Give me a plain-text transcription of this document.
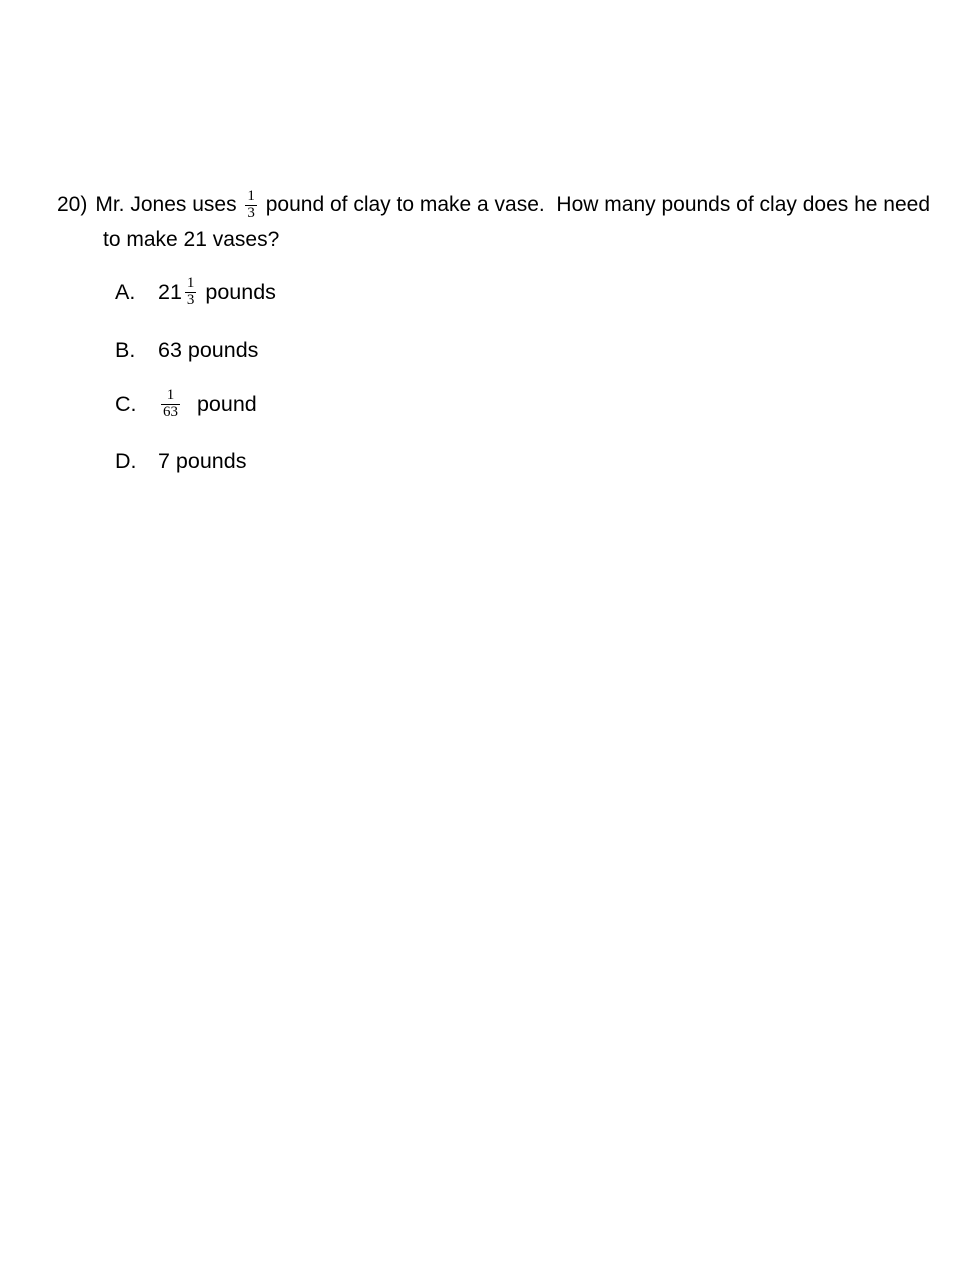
20) Mr. Jones uses $\frac{1}{3}$ pound of clay to make a vase.  How many pounds of clay does he need
to make 21 vases?
A.	$21 \frac{1}{3}$ pounds
B.	63 pounds
C.	$\frac{1}{63}$ pound
D.	7 pounds
